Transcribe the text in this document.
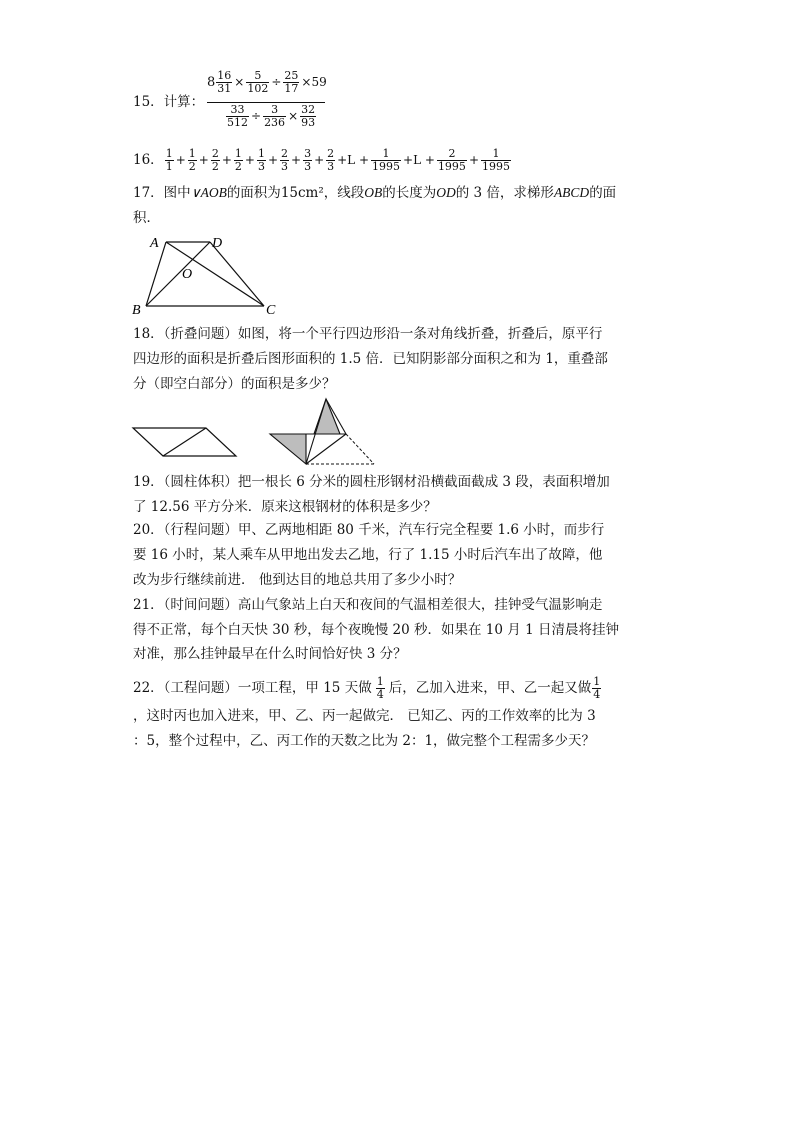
15．计算：
$8 \frac{16}{31} \times \frac{5}{102} \div \frac{25}{17} \times 59$
$\frac{33}{512} \div \frac{3}{236} \times \frac{32}{93}$
16． $\frac{1}{1} + \frac{1}{2} + \frac{2}{2} + \frac{1}{2} + \frac{1}{3} + \frac{2}{3} + \frac{3}{3} + \frac{2}{3} +L + \frac{1}{1995} +L + \frac{2}{1995} + \frac{1}{1995}$
17．图中∨AOB的面积为15cm²，线段OB的长度为OD的 3 倍，求梯形ABCD的面
积．
A	D
O
B	C
18．（折叠问题）如图，将一个平行四边形沿一条对角线折叠，折叠后，原平行
四边形的面积是折叠后图形面积的 1.5 倍．已知阴影部分面积之和为 1，重叠部
分（即空白部分）的面积是多少？
19．（圆柱体积）把一根长 6 分米的圆柱形钢材沿横截面截成 3 段，表面积增加
了 12.56 平方分米．原来这根钢材的体积是多少？
20．（行程问题）甲、乙两地相距 80 千米，汽车行完全程要 1.6 小时，而步行
要 16 小时，某人乘车从甲地出发去乙地，行了 1.15 小时后汽车出了故障，他
改为步行继续前进． 他到达目的地总共用了多少小时？
21．（时间问题）高山气象站上白天和夜间的气温相差很大，挂钟受气温影响走
得不正常，每个白天快 30 秒，每个夜晚慢 20 秒．如果在 10 月 1 日清晨将挂钟
对准，那么挂钟最早在什么时间恰好快 3 分？
22．（工程问题）一项工程，甲 15 天做 $\frac{1}{4}$ 后，乙加入进来，甲、乙一起又做 $\frac{1}{4}$
，这时丙也加入进来，甲、乙、丙一起做完． 已知乙、丙的工作效率的比为 3
：5，整个过程中，乙、丙工作的天数之比为 2：1，做完整个工程需多少天？
